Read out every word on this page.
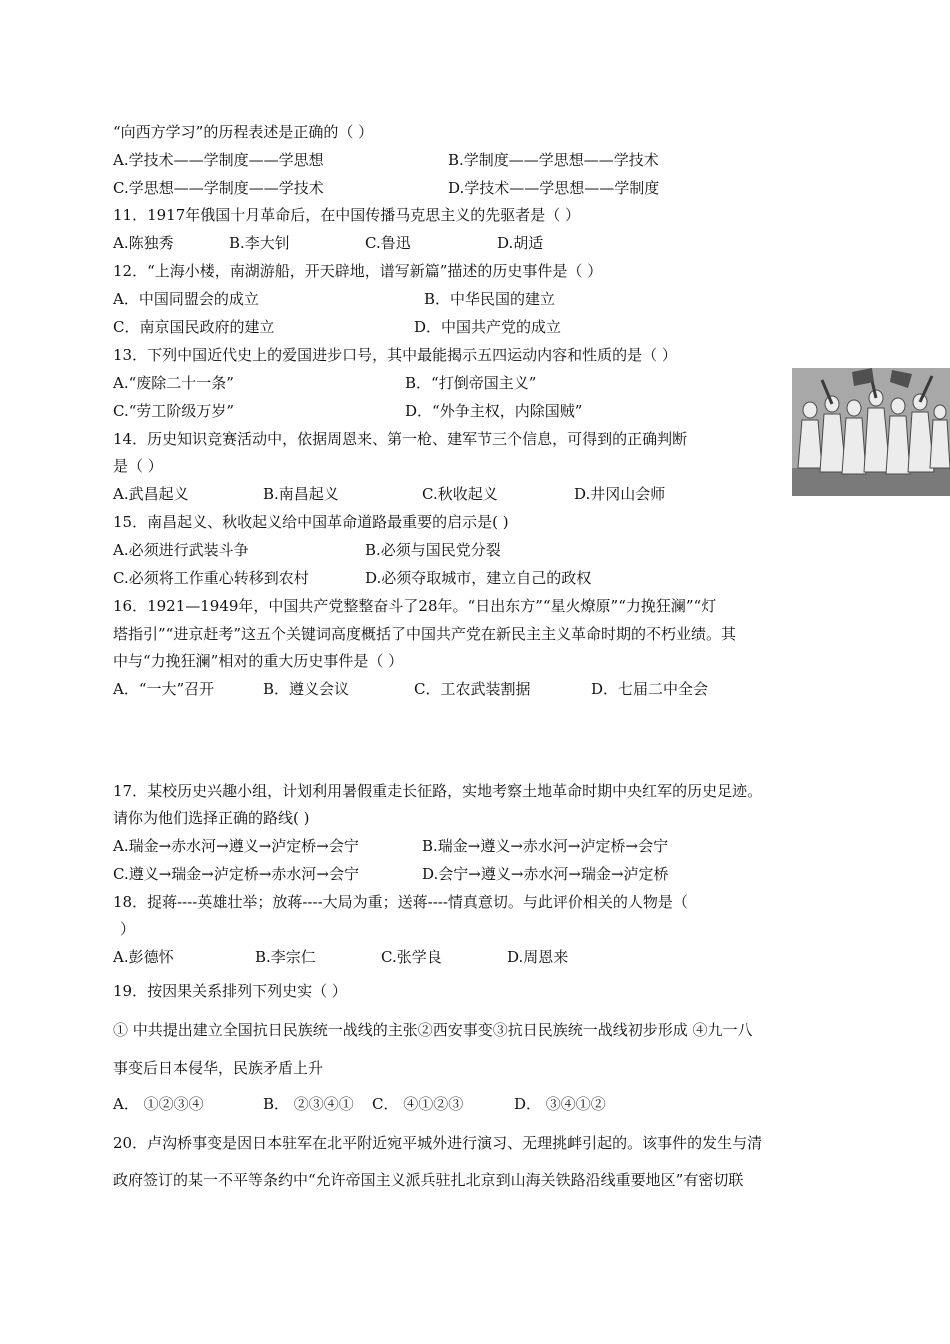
“向西方学习”的历程表述是正确的（ ）
A.学技术——学制度——学思想	B.学制度——学思想——学技术
C.学思想——学制度——学技术	D.学技术——学思想——学制度
11．1917年俄国十月革命后，在中国传播马克思主义的先驱者是（ ）
A.陈独秀	B.李大钊	C.鲁迅	D.胡适
12．“上海小楼，南湖游船，开天辟地，谱写新篇”描述的历史事件是（ ）
A．中国同盟会的成立	B．中华民国的建立
C．南京国民政府的建立	D．中国共产党的成立
13．下列中国近代史上的爱国进步口号，其中最能揭示五四运动内容和性质的是（ ）
A.“废除二十一条”	B．“打倒帝国主义”
C.“劳工阶级万岁”	D．“外争主权，内除国贼”
14．历史知识竞赛活动中，依据周恩来、第一枪、建军节三个信息，可得到的正确判断
是（ ）
A.武昌起义	B.南昌起义	C.秋收起义	D.井冈山会师
15．南昌起义、秋收起义给中国革命道路最重要的启示是( )
A.必须进行武装斗争	B.必须与国民党分裂
C.必须将工作重心转移到农村	D.必须夺取城市，建立自己的政权
16．1921—1949年，中国共产党整整奋斗了28年。“日出东方”“星火燎原”“力挽狂澜”“灯
塔指引”“进京赶考”这五个关键词高度概括了中国共产党在新民主主义革命时期的不朽业绩。其
中与“力挽狂澜”相对的重大历史事件是（ ）
A．“一大”召开	B．遵义会议	C．工农武装割据	D．七届二中全会
17．某校历史兴趣小组，计划利用暑假重走长征路，实地考察土地革命时期中央红军的历史足迹。
请你为他们选择正确的路线( )
A.瑞金→赤水河→遵义→泸定桥→会宁	B.瑞金→遵义→赤水河→泸定桥→会宁
C.遵义→瑞金→泸定桥→赤水河→会宁	D.会宁→遵义→赤水河→瑞金→泸定桥
18．捉蒋----英雄壮举；放蒋----大局为重；送蒋----情真意切。与此评价相关的人物是（
）
A.彭德怀	B.李宗仁	C.张学良	D.周恩来
19．按因果关系排列下列史实（ ）
① 中共提出建立全国抗日民族统一战线的主张②西安事变③抗日民族统一战线初步形成 ④九一八
事变后日本侵华，民族矛盾上升
A． ①②③④	B． ②③④① C． ④①②③	D． ③④①②
20．卢沟桥事变是因日本驻军在北平附近宛平城外进行演习、无理挑衅引起的。该事件的发生与清
政府签订的某一不平等条约中“允许帝国主义派兵驻扎北京到山海关铁路沿线重要地区”有密切联
